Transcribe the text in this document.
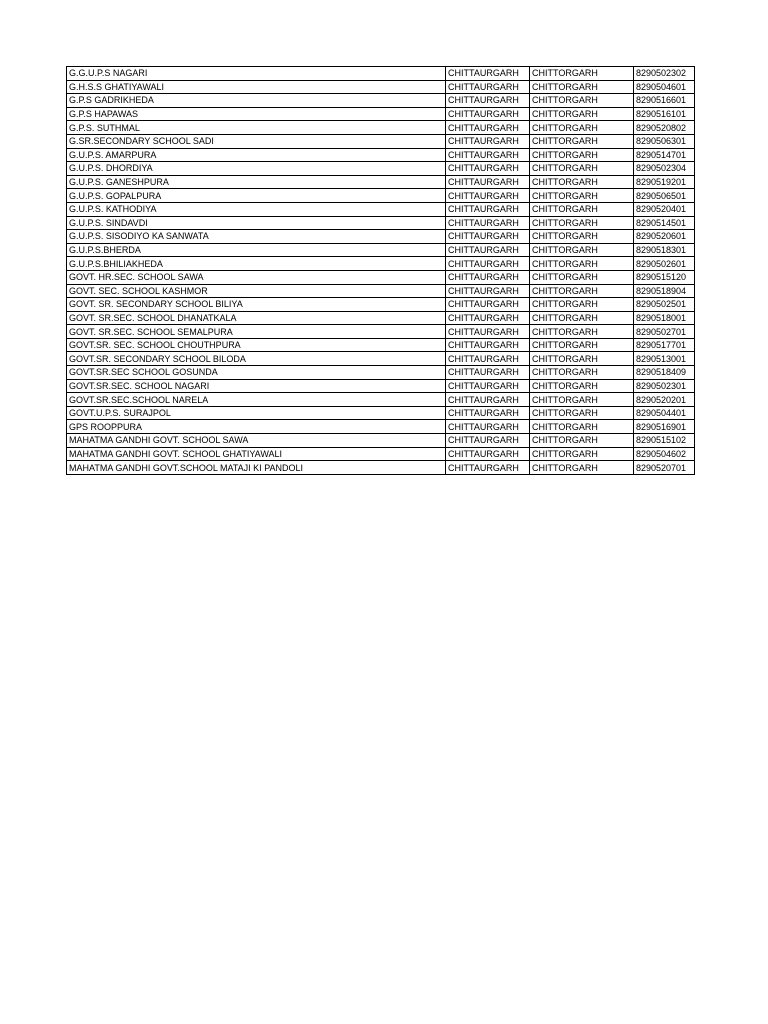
G.G.U.P.S NAGARI	CHITTAURGARH	CHITTORGARH	8290502302
G.H.S.S GHATIYAWALI	CHITTAURGARH	CHITTORGARH	8290504601
G.P.S GADRIKHEDA	CHITTAURGARH	CHITTORGARH	8290516601
G.P.S HAPAWAS	CHITTAURGARH	CHITTORGARH	8290516101
G.P.S. SUTHMAL	CHITTAURGARH	CHITTORGARH	8290520802
G.SR.SECONDARY SCHOOL SADI	CHITTAURGARH	CHITTORGARH	8290506301
G.U.P.S. AMARPURA	CHITTAURGARH	CHITTORGARH	8290514701
G.U.P.S. DHORDIYA	CHITTAURGARH	CHITTORGARH	8290502304
G.U.P.S. GANESHPURA	CHITTAURGARH	CHITTORGARH	8290519201
G.U.P.S. GOPALPURA	CHITTAURGARH	CHITTORGARH	8290506501
G.U.P.S. KATHODIYA	CHITTAURGARH	CHITTORGARH	8290520401
G.U.P.S. SINDAVDI	CHITTAURGARH	CHITTORGARH	8290514501
G.U.P.S. SISODIYO KA SANWATA	CHITTAURGARH	CHITTORGARH	8290520601
G.U.P.S.BHERDA	CHITTAURGARH	CHITTORGARH	8290518301
G.U.P.S.BHILIAKHEDA	CHITTAURGARH	CHITTORGARH	8290502601
GOVT. HR.SEC. SCHOOL SAWA	CHITTAURGARH	CHITTORGARH	8290515120
GOVT. SEC. SCHOOL KASHMOR	CHITTAURGARH	CHITTORGARH	8290518904
GOVT. SR. SECONDARY SCHOOL BILIYA	CHITTAURGARH	CHITTORGARH	8290502501
GOVT. SR.SEC. SCHOOL DHANATKALA	CHITTAURGARH	CHITTORGARH	8290518001
GOVT. SR.SEC. SCHOOL SEMALPURA	CHITTAURGARH	CHITTORGARH	8290502701
GOVT.SR. SEC. SCHOOL CHOUTHPURA	CHITTAURGARH	CHITTORGARH	8290517701
GOVT.SR. SECONDARY SCHOOL BILODA	CHITTAURGARH	CHITTORGARH	8290513001
GOVT.SR.SEC SCHOOL GOSUNDA	CHITTAURGARH	CHITTORGARH	8290518409
GOVT.SR.SEC. SCHOOL NAGARI	CHITTAURGARH	CHITTORGARH	8290502301
GOVT.SR.SEC.SCHOOL NARELA	CHITTAURGARH	CHITTORGARH	8290520201
GOVT.U.P.S. SURAJPOL	CHITTAURGARH	CHITTORGARH	8290504401
GPS ROOPPURA	CHITTAURGARH	CHITTORGARH	8290516901
MAHATMA GANDHI GOVT. SCHOOL SAWA	CHITTAURGARH	CHITTORGARH	8290515102
MAHATMA GANDHI GOVT. SCHOOL GHATIYAWALI	CHITTAURGARH	CHITTORGARH	8290504602
MAHATMA GANDHI GOVT.SCHOOL MATAJI KI PANDOLI	CHITTAURGARH	CHITTORGARH	8290520701
